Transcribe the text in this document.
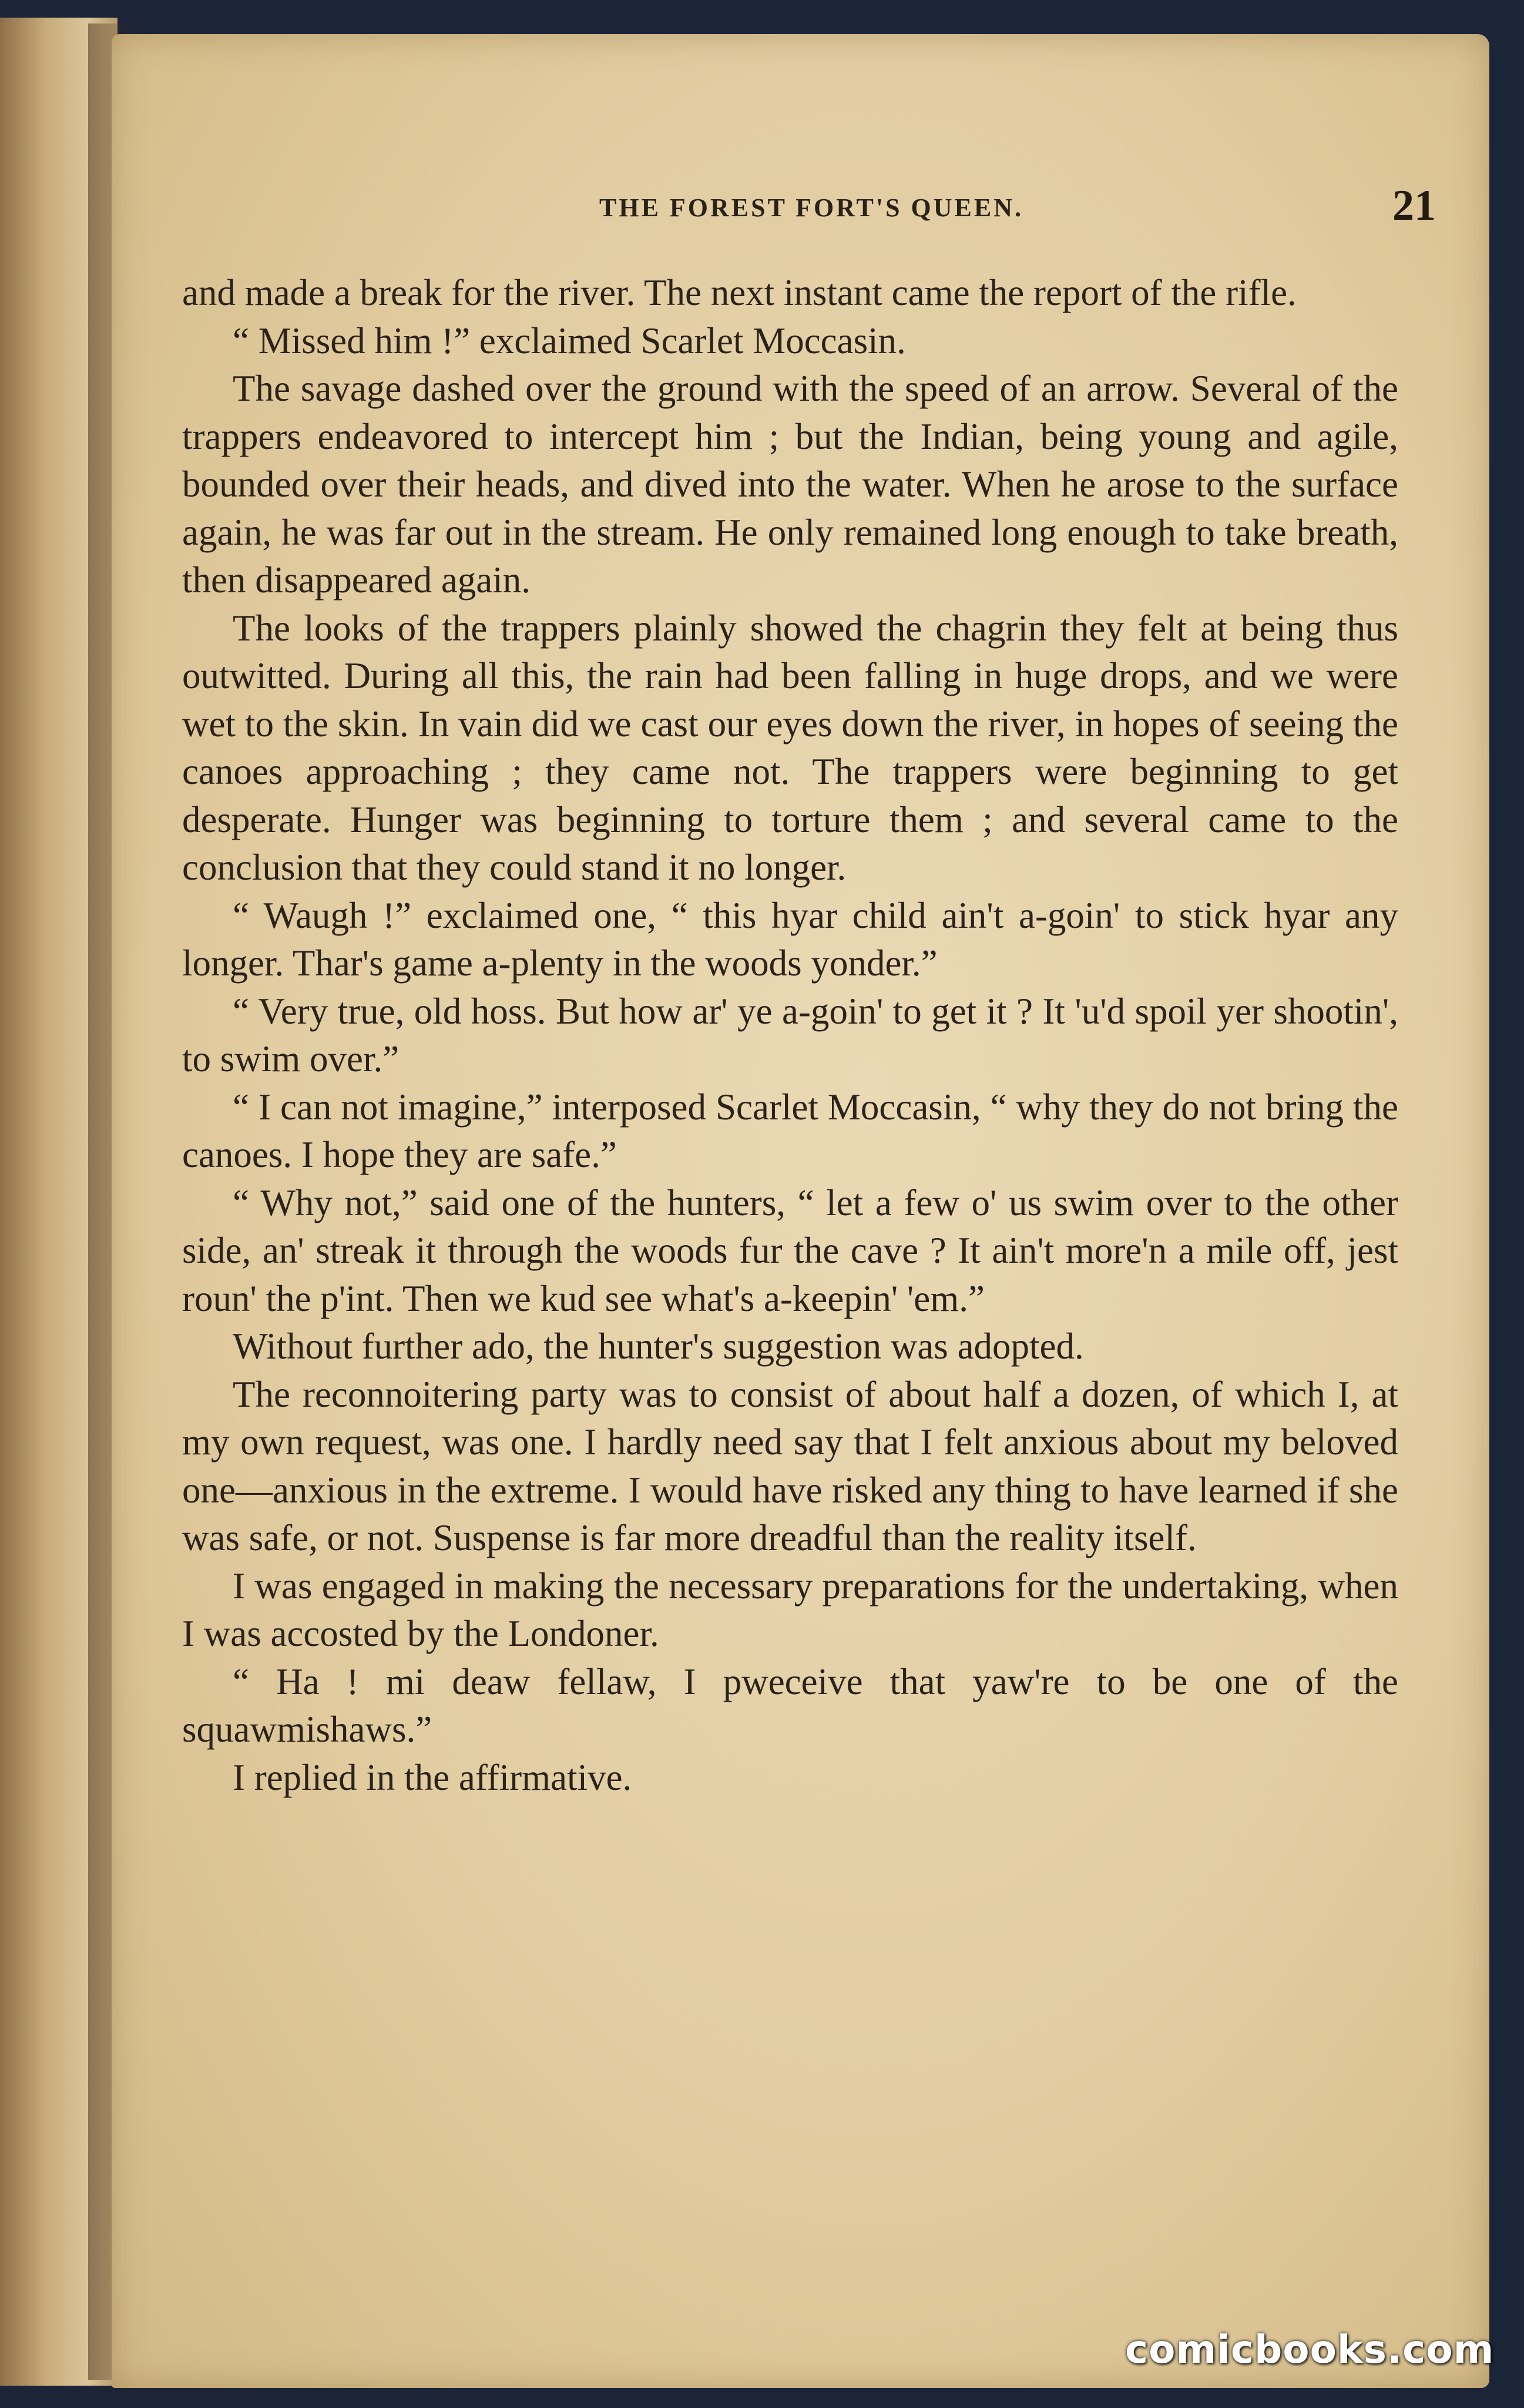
THE FOREST FORT'S QUEEN.	21

and made a break for the river. The next instant came the report of the rifle.

“ Missed him !” exclaimed Scarlet Moccasin.

The savage dashed over the ground with the speed of an arrow. Several of the trappers endeavored to intercept him ; but the Indian, being young and agile, bounded over their heads, and dived into the water. When he arose to the surface again, he was far out in the stream. He only remained long enough to take breath, then disappeared again.

The looks of the trappers plainly showed the chagrin they felt at being thus outwitted. During all this, the rain had been falling in huge drops, and we were wet to the skin. In vain did we cast our eyes down the river, in hopes of seeing the canoes approaching ; they came not. The trappers were beginning to get desperate. Hunger was beginning to torture them ; and several came to the conclusion that they could stand it no longer.

“ Waugh !” exclaimed one, “ this hyar child ain't a-goin' to stick hyar any longer. Thar's game a-plenty in the woods yonder.”

“ Very true, old hoss. But how ar' ye a-goin' to get it ? It 'u'd spoil yer shootin', to swim over.”

“ I can not imagine,” interposed Scarlet Moccasin, “ why they do not bring the canoes. I hope they are safe.”

“ Why not,” said one of the hunters, “ let a few o' us swim over to the other side, an' streak it through the woods fur the cave ? It ain't more'n a mile off, jest roun' the p'int. Then we kud see what's a-keepin' 'em.”

Without further ado, the hunter's suggestion was adopted.

The reconnoitering party was to consist of about half a dozen, of which I, at my own request, was one. I hardly need say that I felt anxious about my beloved one—anxious in the extreme. I would have risked any thing to have learned if she was safe, or not. Suspense is far more dreadful than the reality itself.

I was engaged in making the necessary preparations for the undertaking, when I was accosted by the Londoner.

“ Ha ! mi deaw fellaw, I pweceive that yaw're to be one of the squawmishaws.”

I replied in the affirmative.

comicbooks.com
